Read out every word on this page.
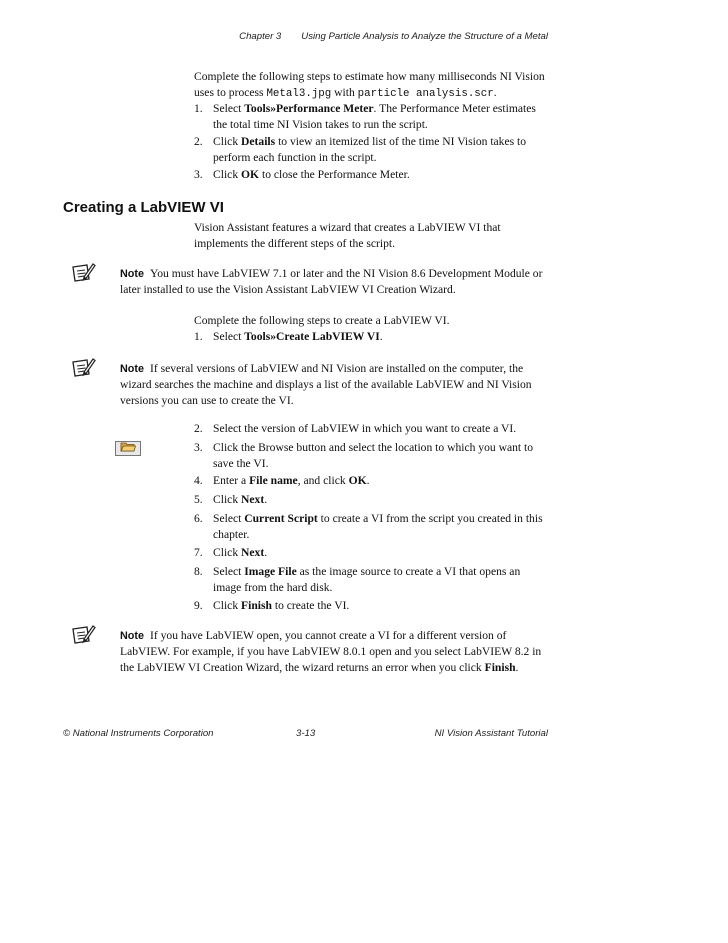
Chapter 3 Using Particle Analysis to Analyze the Structure of a Metal
Complete the following steps to estimate how many milliseconds NI Vision uses to process Metal3.jpg with particle analysis.scr.
1. Select Tools»Performance Meter. The Performance Meter estimates the total time NI Vision takes to run the script.
2. Click Details to view an itemized list of the time NI Vision takes to perform each function in the script.
3. Click OK to close the Performance Meter.
Creating a LabVIEW VI
Vision Assistant features a wizard that creates a LabVIEW VI that implements the different steps of the script.
Note You must have LabVIEW 7.1 or later and the NI Vision 8.6 Development Module or later installed to use the Vision Assistant LabVIEW VI Creation Wizard.
Complete the following steps to create a LabVIEW VI.
1. Select Tools»Create LabVIEW VI.
Note If several versions of LabVIEW and NI Vision are installed on the computer, the wizard searches the machine and displays a list of the available LabVIEW and NI Vision versions you can use to create the VI.
2. Select the version of LabVIEW in which you want to create a VI.
3. Click the Browse button and select the location to which you want to save the VI.
4. Enter a File name, and click OK.
5. Click Next.
6. Select Current Script to create a VI from the script you created in this chapter.
7. Click Next.
8. Select Image File as the image source to create a VI that opens an image from the hard disk.
9. Click Finish to create the VI.
Note If you have LabVIEW open, you cannot create a VI for a different version of LabVIEW. For example, if you have LabVIEW 8.0.1 open and you select LabVIEW 8.2 in the LabVIEW VI Creation Wizard, the wizard returns an error when you click Finish.
© National Instruments Corporation	3-13	NI Vision Assistant Tutorial
